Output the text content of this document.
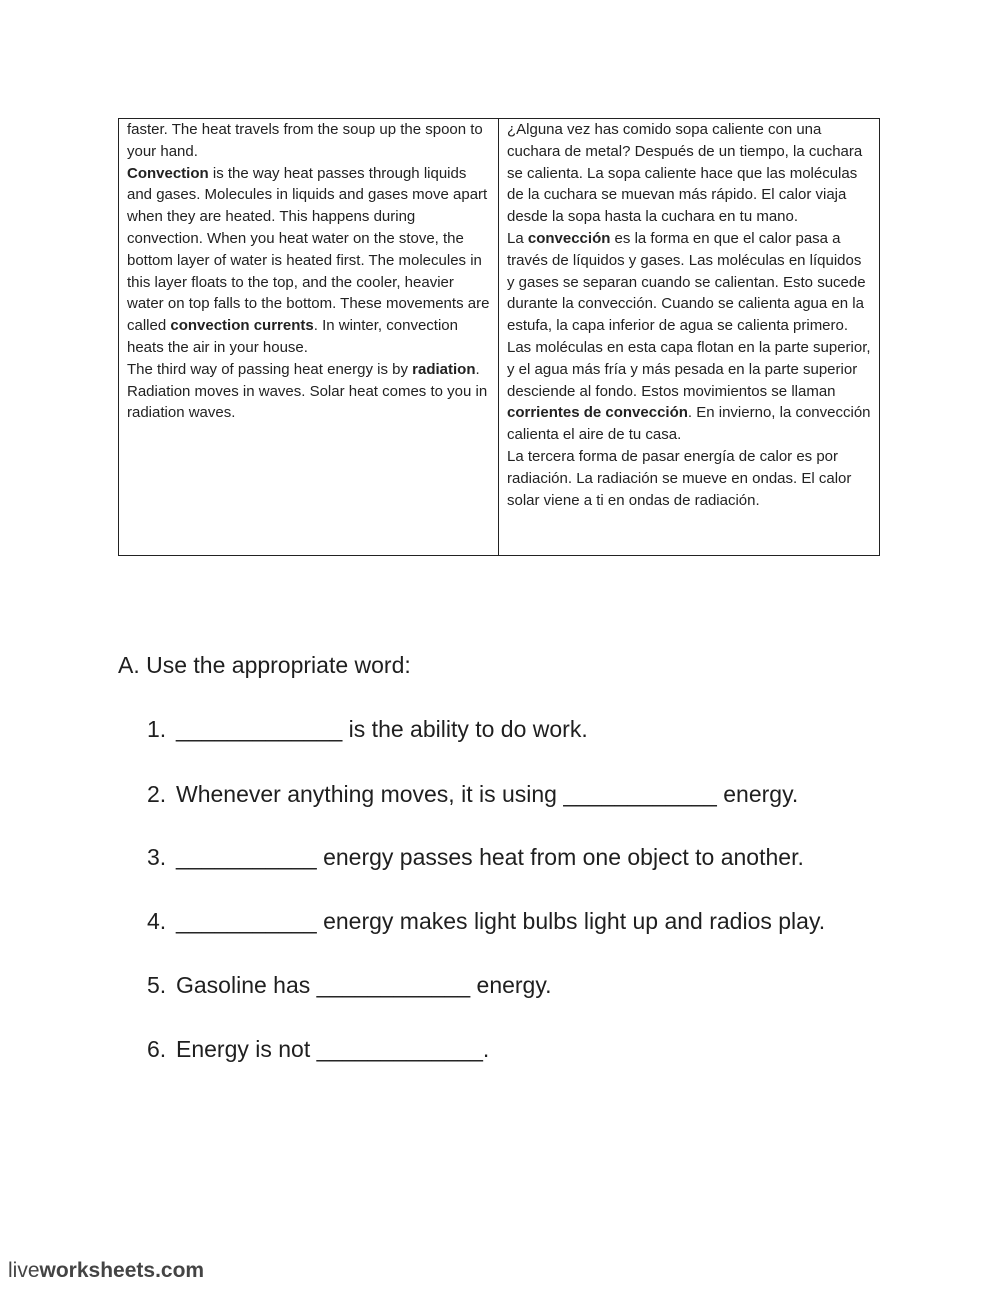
faster. The heat travels from the soup up the spoon to your hand.

Convection is the way heat passes through liquids and gases. Molecules in liquids and gases move apart when they are heated. This happens during convection. When you heat water on the stove, the bottom layer of water is heated first. The molecules in this layer floats to the top, and the cooler, heavier water on top falls to the bottom. These movements are called convection currents. In winter, convection heats the air in your house.

The third way of passing heat energy is by radiation. Radiation moves in waves. Solar heat comes to you in radiation waves.

¿Alguna vez has comido sopa caliente con una cuchara de metal? Después de un tiempo, la cuchara se calienta. La sopa caliente hace que las moléculas de la cuchara se muevan más rápido. El calor viaja desde la sopa hasta la cuchara en tu mano.

La convección es la forma en que el calor pasa a través de líquidos y gases. Las moléculas en líquidos y gases se separan cuando se calientan. Esto sucede durante la convección. Cuando se calienta agua en la estufa, la capa inferior de agua se calienta primero. Las moléculas en esta capa flotan en la parte superior, y el agua más fría y más pesada en la parte superior desciende al fondo. Estos movimientos se llaman corrientes de convección. En invierno, la convección calienta el aire de tu casa.

La tercera forma de pasar energía de calor es por radiación. La radiación se mueve en ondas. El calor solar viene a ti en ondas de radiación.

A. Use the appropriate word:
1. _____________ is the ability to do work.
2. Whenever anything moves, it is using ____________ energy.
3. ___________ energy passes heat from one object to another.
4. ___________ energy makes light bulbs light up and radios play.
5. Gasoline has ____________ energy.
6. Energy is not _____________.
liveworksheets.com
